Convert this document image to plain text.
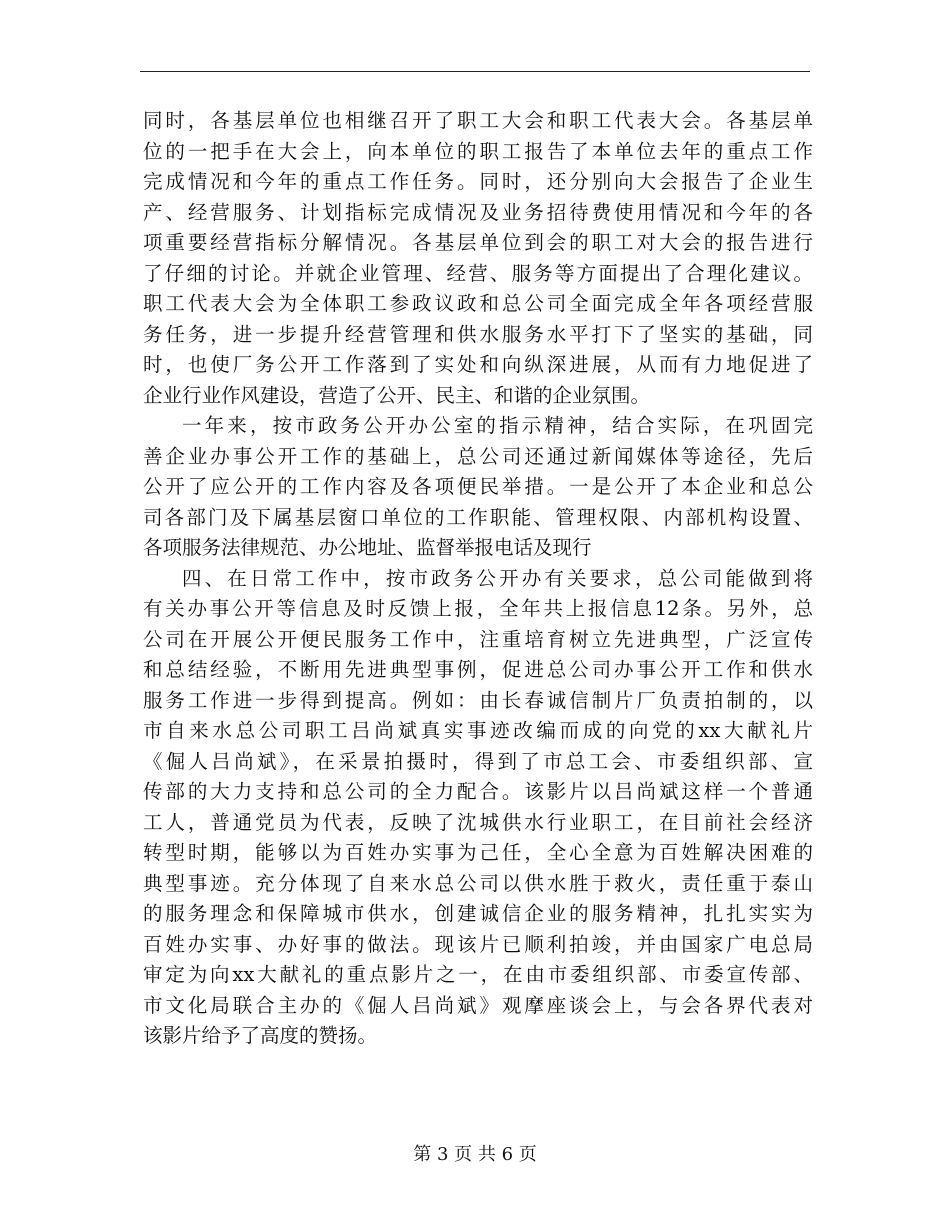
同时，各基层单位也相继召开了职工大会和职工代表大会。各基层单
位的一把手在大会上，向本单位的职工报告了本单位去年的重点工作
完成情况和今年的重点工作任务。同时，还分别向大会报告了企业生
产、经营服务、计划指标完成情况及业务招待费使用情况和今年的各
项重要经营指标分解情况。各基层单位到会的职工对大会的报告进行
了仔细的讨论。并就企业管理、经营、服务等方面提出了合理化建议。
职工代表大会为全体职工参政议政和总公司全面完成全年各项经营服
务任务，进一步提升经营管理和供水服务水平打下了坚实的基础，同
时，也使厂务公开工作落到了实处和向纵深进展，从而有力地促进了
企业行业作风建设，营造了公开、民主、和谐的企业氛围。
一年来，按市政务公开办公室的指示精神，结合实际，在巩固完
善企业办事公开工作的基础上，总公司还通过新闻媒体等途径，先后
公开了应公开的工作内容及各项便民举措。一是公开了本企业和总公
司各部门及下属基层窗口单位的工作职能、管理权限、内部机构设置、
各项服务法律规范、办公地址、监督举报电话及现行
四、在日常工作中，按市政务公开办有关要求，总公司能做到将
有关办事公开等信息及时反馈上报，全年共上报信息12条。另外，总
公司在开展公开便民服务工作中，注重培育树立先进典型，广泛宣传
和总结经验，不断用先进典型事例，促进总公司办事公开工作和供水
服务工作进一步得到提高。例如：由长春诚信制片厂负责拍制的，以
市自来水总公司职工吕尚斌真实事迹改编而成的向党的xx大献礼片
《倔人吕尚斌》，在采景拍摄时，得到了市总工会、市委组织部、宣
传部的大力支持和总公司的全力配合。该影片以吕尚斌这样一个普通
工人，普通党员为代表，反映了沈城供水行业职工，在目前社会经济
转型时期，能够以为百姓办实事为己任，全心全意为百姓解决困难的
典型事迹。充分体现了自来水总公司以供水胜于救火，责任重于泰山
的服务理念和保障城市供水，创建诚信企业的服务精神，扎扎实实为
百姓办实事、办好事的做法。现该片已顺利拍竣，并由国家广电总局
审定为向xx大献礼的重点影片之一，在由市委组织部、市委宣传部、
市文化局联合主办的《倔人吕尚斌》观摩座谈会上，与会各界代表对
该影片给予了高度的赞扬。
第 3 页 共 6 页
